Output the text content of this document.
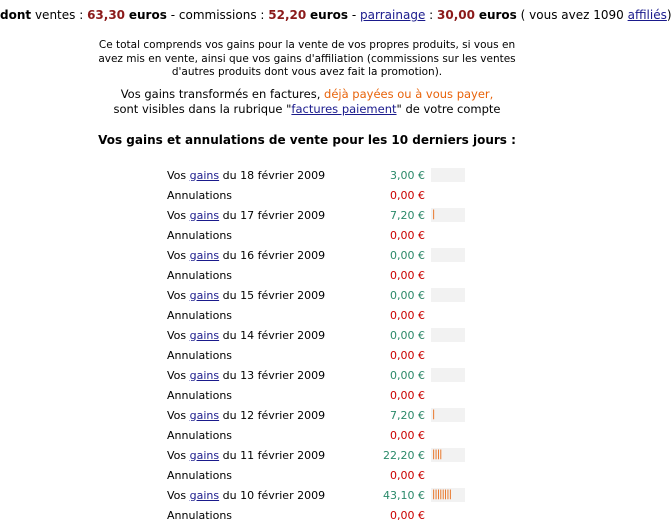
dont ventes : 63,30 euros - commissions : 52,20 euros - parrainage : 30,00 euros ( vous avez 1090 affiliés)
Ce total comprends vos gains pour la vente de vos propres produits, si vous en
avez mis en vente, ainsi que vos gains d'affiliation (commissions sur les ventes
d'autres produits dont vous avez fait la promotion).
Vos gains transformés en factures, déjà payées ou à vous payer,
sont visibles dans la rubrique "factures paiement" de votre compte
Vos gains et annulations de vente pour les 10 derniers jours :
Vos gains du 18 février 2009	3,00 €	

Annulations	0,00 €	
Vos gains du 17 février 2009	7,20 €	|

Annulations	0,00 €	
Vos gains du 16 février 2009	0,00 €	

Annulations	0,00 €	
Vos gains du 15 février 2009	0,00 €	

Annulations	0,00 €	
Vos gains du 14 février 2009	0,00 €	

Annulations	0,00 €	
Vos gains du 13 février 2009	0,00 €	

Annulations	0,00 €	
Vos gains du 12 février 2009	7,20 €	|

Annulations	0,00 €	
Vos gains du 11 février 2009	22,20 €	||||

Annulations	0,00 €	
Vos gains du 10 février 2009	43,10 €	||||||||

Annulations	0,00 €	
